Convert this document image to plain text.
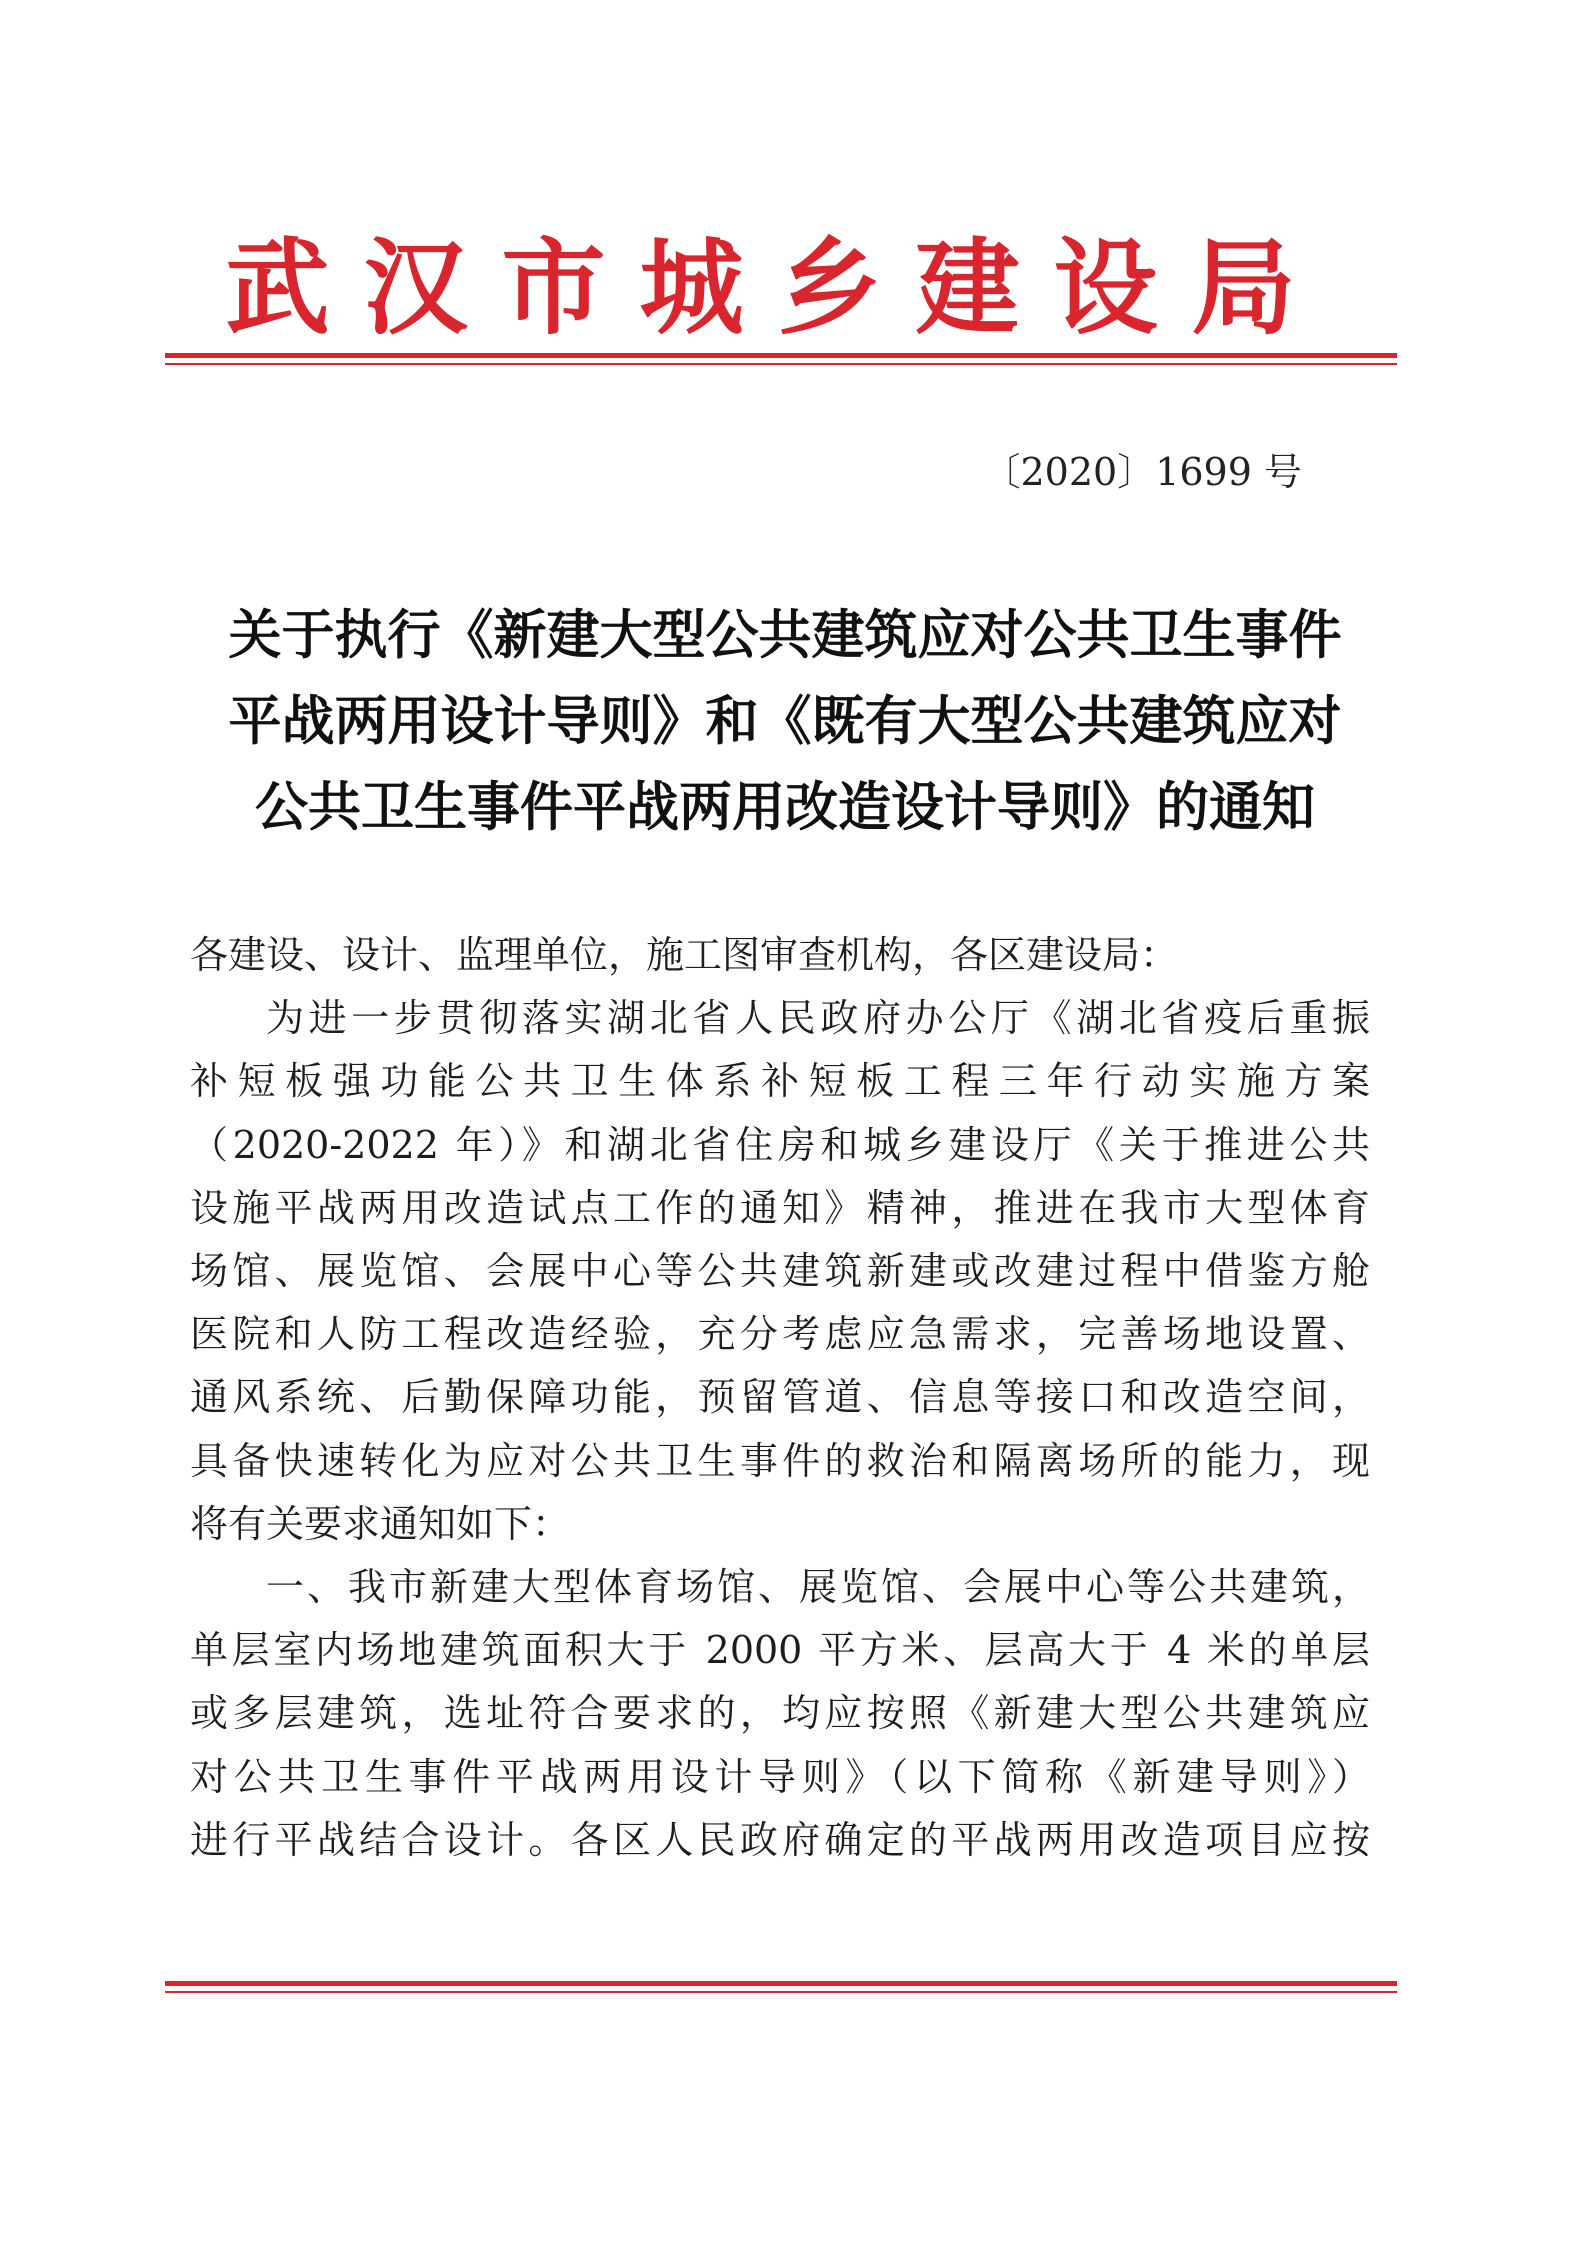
武汉市城乡建设局
〔2020〕1699 号
关于执行《新建大型公共建筑应对公共卫生事件
平战两用设计导则》和《既有大型公共建筑应对
公共卫生事件平战两用改造设计导则》的通知
各建设、设计、监理单位，施工图审查机构，各区建设局：
为进一步贯彻落实湖北省人民政府办公厅《湖北省疫后重振
补短板强功能公共卫生体系补短板工程三年行动实施方案
（2020-2022 年）》和湖北省住房和城乡建设厅《关于推进公共
设施平战两用改造试点工作的通知》精神，推进在我市大型体育
场馆、展览馆、会展中心等公共建筑新建或改建过程中借鉴方舱
医院和人防工程改造经验，充分考虑应急需求，完善场地设置、
通风系统、后勤保障功能，预留管道、信息等接口和改造空间，
具备快速转化为应对公共卫生事件的救治和隔离场所的能力，现
将有关要求通知如下：
一、我市新建大型体育场馆、展览馆、会展中心等公共建筑，
单层室内场地建筑面积大于 2000 平方米、层高大于 4 米的单层
或多层建筑，选址符合要求的，均应按照《新建大型公共建筑应
对公共卫生事件平战两用设计导则》（以下简称《新建导则》）
进行平战结合设计。各区人民政府确定的平战两用改造项目应按
